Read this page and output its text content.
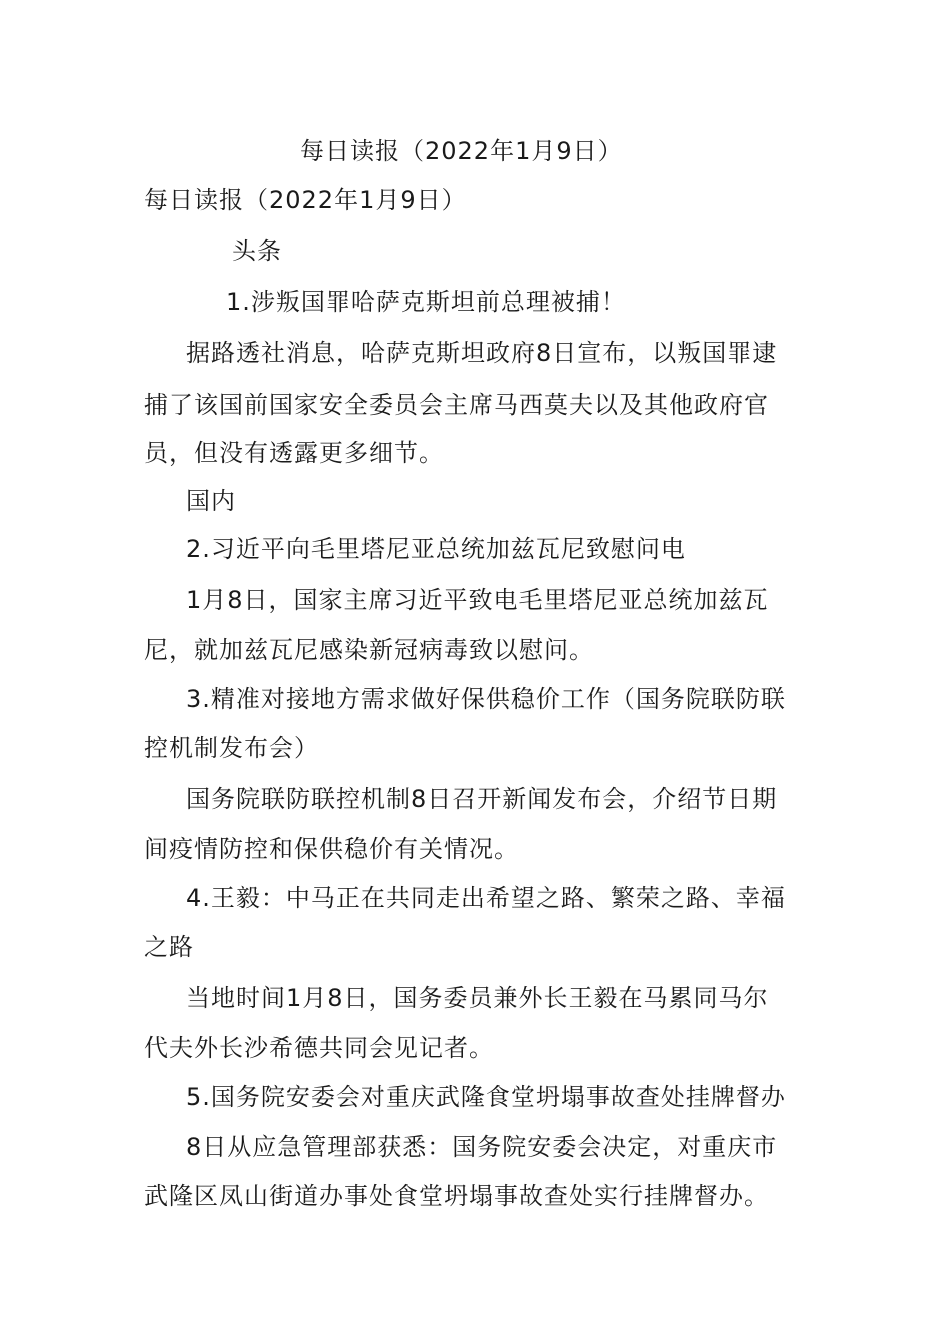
每日读报（2022年1月9日）
每日读报（2022年1月9日）
头条
1.涉叛国罪哈萨克斯坦前总理被捕！
据路透社消息，哈萨克斯坦政府8日宣布，以叛国罪逮
捕了该国前国家安全委员会主席马西莫夫以及其他政府官
员，但没有透露更多细节。
国内
2.习近平向毛里塔尼亚总统加兹瓦尼致慰问电
1月8日，国家主席习近平致电毛里塔尼亚总统加兹瓦
尼，就加兹瓦尼感染新冠病毒致以慰问。
3.精准对接地方需求做好保供稳价工作（国务院联防联
控机制发布会）
国务院联防联控机制8日召开新闻发布会，介绍节日期
间疫情防控和保供稳价有关情况。
4.王毅：中马正在共同走出希望之路、繁荣之路、幸福
之路
当地时间1月8日，国务委员兼外长王毅在马累同马尔
代夫外长沙希德共同会见记者。
5.国务院安委会对重庆武隆食堂坍塌事故查处挂牌督办
8日从应急管理部获悉：国务院安委会决定，对重庆市
武隆区凤山街道办事处食堂坍塌事故查处实行挂牌督办。
